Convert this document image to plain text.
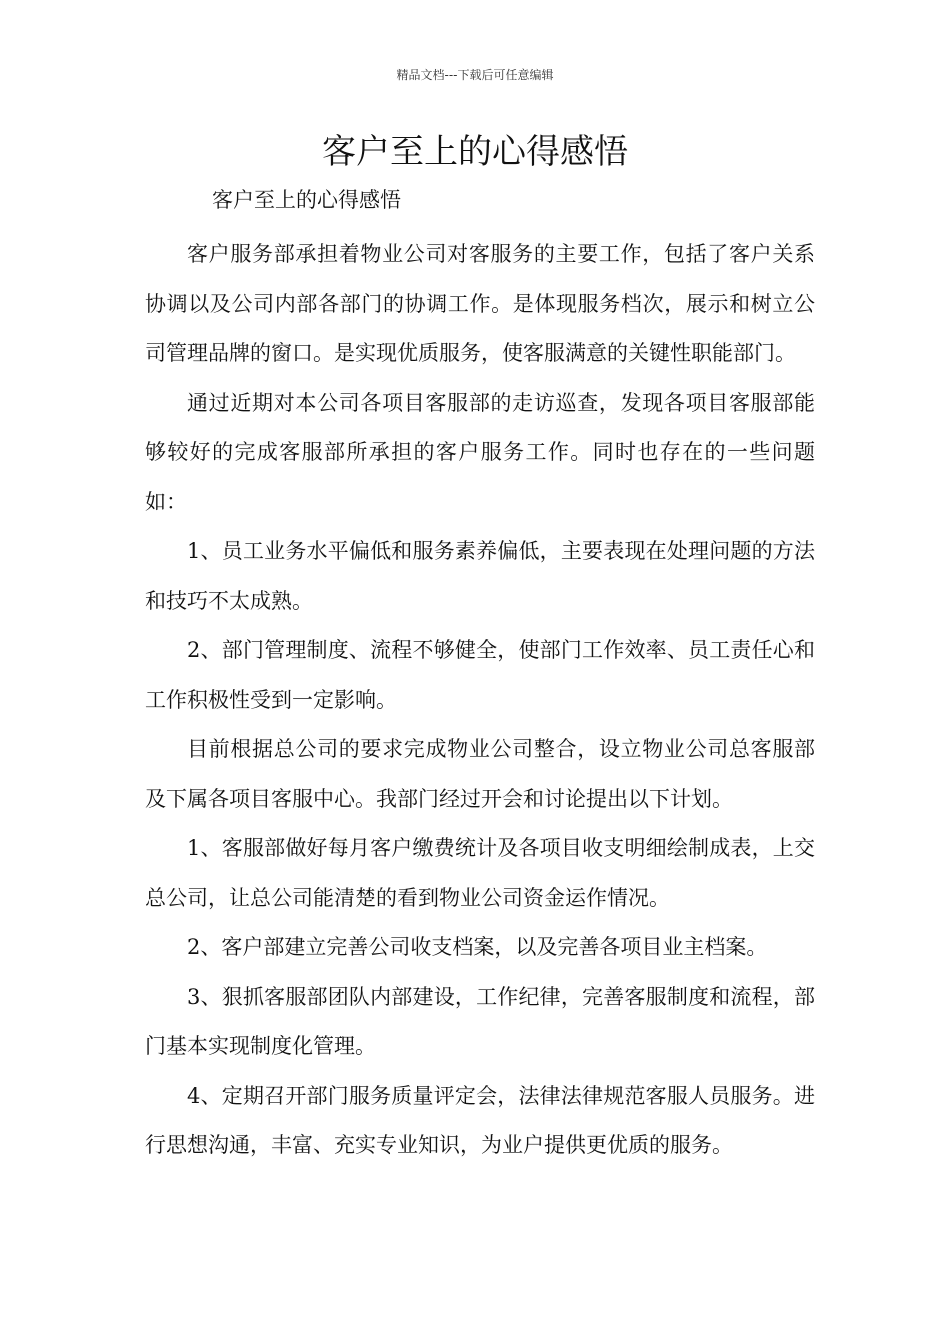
精品文档---下载后可任意编辑
客户至上的心得感悟
客户至上的心得感悟

客户服务部承担着物业公司对客服务的主要工作，包括了客户关系协调以及公司内部各部门的协调工作。是体现服务档次，展示和树立公司管理品牌的窗口。是实现优质服务，使客服满意的关键性职能部门。

通过近期对本公司各项目客服部的走访巡查，发现各项目客服部能够较好的完成客服部所承担的客户服务工作。同时也存在的一些问题如：

1、员工业务水平偏低和服务素养偏低，主要表现在处理问题的方法和技巧不太成熟。

2、部门管理制度、流程不够健全，使部门工作效率、员工责任心和工作积极性受到一定影响。

目前根据总公司的要求完成物业公司整合，设立物业公司总客服部及下属各项目客服中心。我部门经过开会和讨论提出以下计划。

1、客服部做好每月客户缴费统计及各项目收支明细绘制成表，上交总公司，让总公司能清楚的看到物业公司资金运作情况。

2、客户部建立完善公司收支档案，以及完善各项目业主档案。

3、狠抓客服部团队内部建设，工作纪律，完善客服制度和流程，部门基本实现制度化管理。

4、定期召开部门服务质量评定会，法律法律规范客服人员服务。进行思想沟通，丰富、充实专业知识，为业户提供更优质的服务。
